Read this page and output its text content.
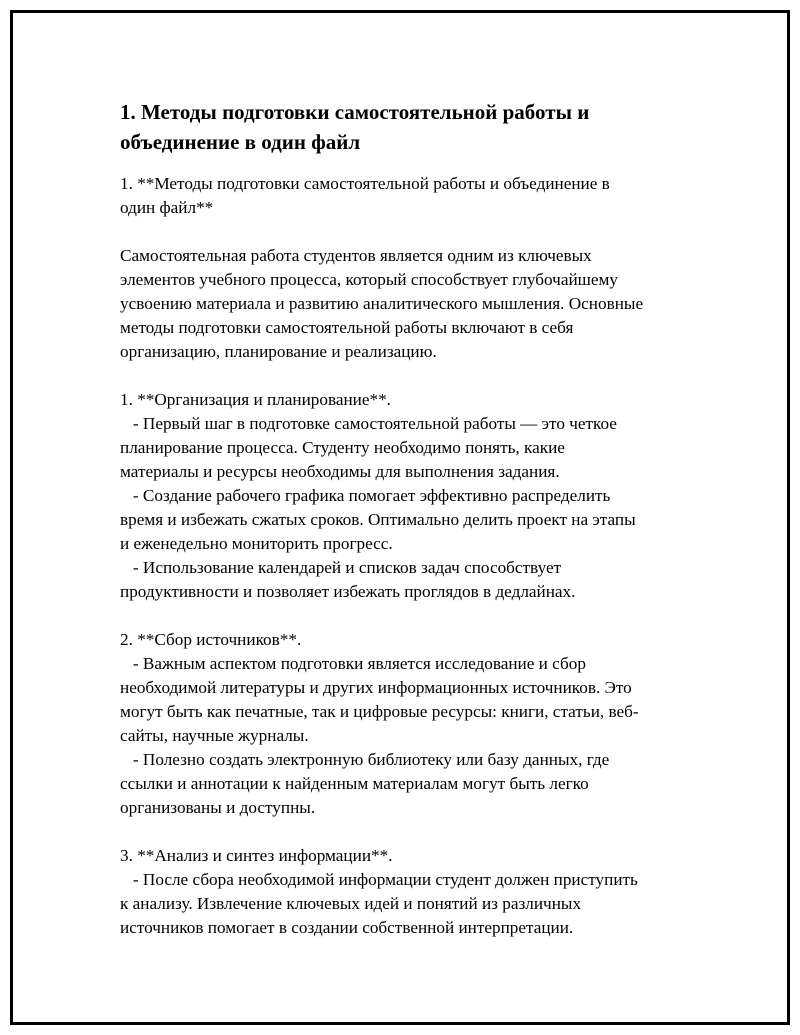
1. Методы подготовки самостоятельной работы и
объединение в один файл
1. **Методы подготовки самостоятельной работы и объединение в
один файл**
Самостоятельная работа студентов является одним из ключевых
элементов учебного процесса, который способствует глубочайшему
усвоению материала и развитию аналитического мышления. Основные
методы подготовки самостоятельной работы включают в себя
организацию, планирование и реализацию.
1. **Организация и планирование**.
- Первый шаг в подготовке самостоятельной работы — это четкое
планирование процесса. Студенту необходимо понять, какие
материалы и ресурсы необходимы для выполнения задания.
- Создание рабочего графика помогает эффективно распределить
время и избежать сжатых сроков. Оптимально делить проект на этапы
и еженедельно мониторить прогресс.
- Использование календарей и списков задач способствует
продуктивности и позволяет избежать проглядов в дедлайнах.
2. **Сбор источников**.
- Важным аспектом подготовки является исследование и сбор
необходимой литературы и других информационных источников. Это
могут быть как печатные, так и цифровые ресурсы: книги, статьи, веб-
сайты, научные журналы.
- Полезно создать электронную библиотеку или базу данных, где
ссылки и аннотации к найденным материалам могут быть легко
организованы и доступны.
3. **Анализ и синтез информации**.
- После сбора необходимой информации студент должен приступить
к анализу. Извлечение ключевых идей и понятий из различных
источников помогает в создании собственной интерпретации.
